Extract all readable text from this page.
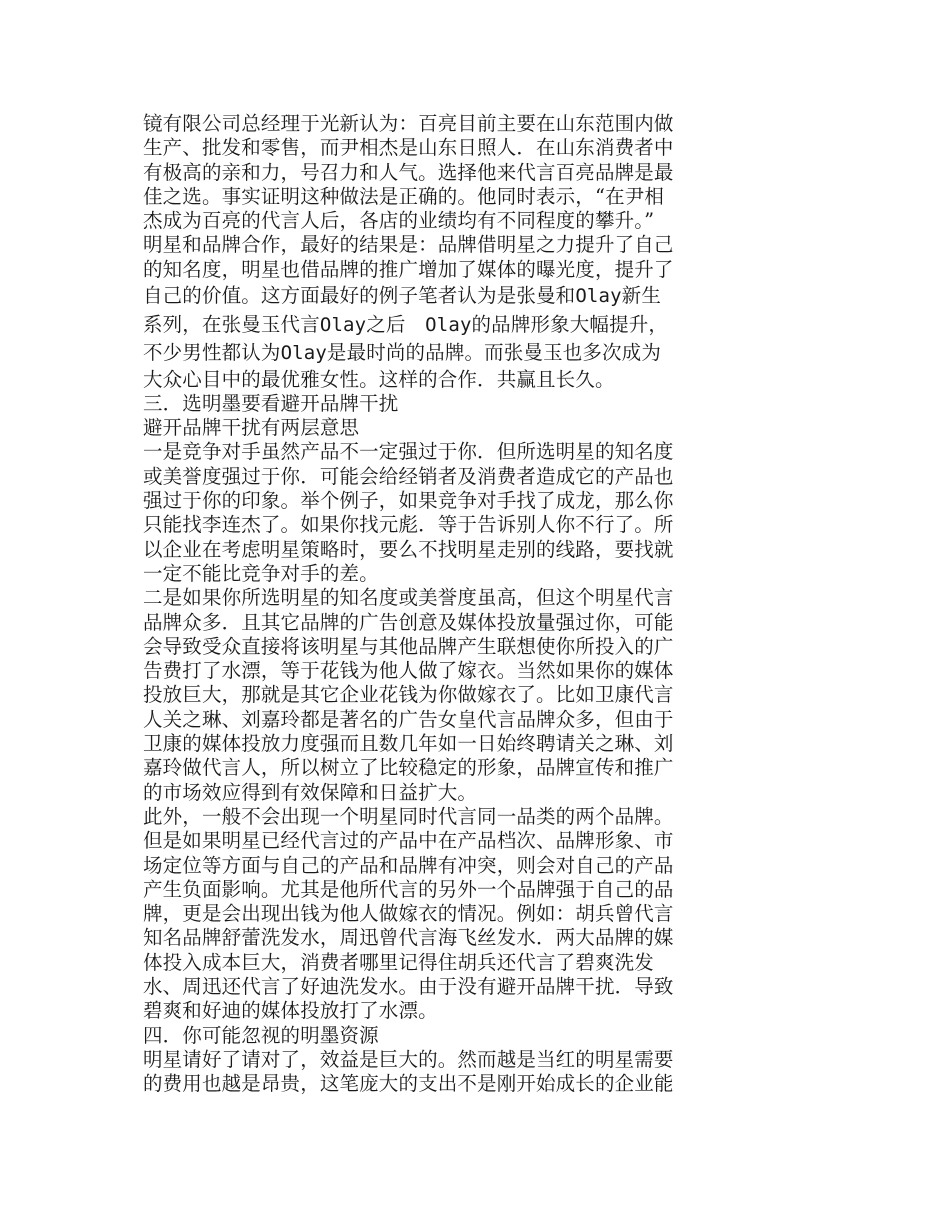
镜有限公司总经理于光新认为：百亮目前主要在山东范围内做
生产、批发和零售，而尹相杰是山东日照人．在山东消费者中
有极高的亲和力，号召力和人气。选择他来代言百亮品牌是最
佳之选。事实证明这种做法是正确的。他同时表示，“在尹相
杰成为百亮的代言人后，各店的业绩均有不同程度的攀升。”
明星和品牌合作，最好的结果是：品牌借明星之力提升了自己
的知名度，明星也借品牌的推广增加了媒体的曝光度，提升了
自己的价值。这方面最好的例子笔者认为是张曼和Olay新生
系列，在张曼玉代言Olay之后　Olay的品牌形象大幅提升，
不少男性都认为Olay是最时尚的品牌。而张曼玉也多次成为
大众心目中的最优雅女性。这样的合作．共赢且长久。
三．选明墨要看避开品牌干扰
避开品牌干扰有两层意思
一是竞争对手虽然产品不一定强过于你．但所选明星的知名度
或美誉度强过于你．可能会给经销者及消费者造成它的产品也
强过于你的印象。举个例子，如果竞争对手找了成龙，那么你
只能找李连杰了。如果你找元彪．等于告诉别人你不行了。所
以企业在考虑明星策略时，要么不找明星走别的线路，要找就
一定不能比竞争对手的差。
二是如果你所选明星的知名度或美誉度虽高，但这个明星代言
品牌众多．且其它品牌的广告创意及媒体投放量强过你，可能
会导致受众直接将该明星与其他品牌产生联想使你所投入的广
告费打了水漂，等于花钱为他人做了嫁衣。当然如果你的媒体
投放巨大，那就是其它企业花钱为你做嫁衣了。比如卫康代言
人关之琳、刘嘉玲都是著名的广告女皇代言品牌众多，但由于
卫康的媒体投放力度强而且数几年如一日始终聘请关之琳、刘
嘉玲做代言人，所以树立了比较稳定的形象，品牌宣传和推广
的市场效应得到有效保障和日益扩大。
此外，一般不会出现一个明星同时代言同一品类的两个品牌。
但是如果明星已经代言过的产品中在产品档次、品牌形象、市
场定位等方面与自己的产品和品牌有冲突，则会对自己的产品
产生负面影响。尤其是他所代言的另外一个品牌强于自己的品
牌，更是会出现出钱为他人做嫁衣的情况。例如：胡兵曾代言
知名品牌舒蕾洗发水，周迅曾代言海飞丝发水．两大品牌的媒
体投入成本巨大，消费者哪里记得住胡兵还代言了碧爽洗发
水、周迅还代言了好迪洗发水。由于没有避开品牌干扰．导致
碧爽和好迪的媒体投放打了水漂。
四．你可能忽视的明墨资源
明星请好了请对了，效益是巨大的。然而越是当红的明星需要
的费用也越是昂贵，这笔庞大的支出不是刚开始成长的企业能
